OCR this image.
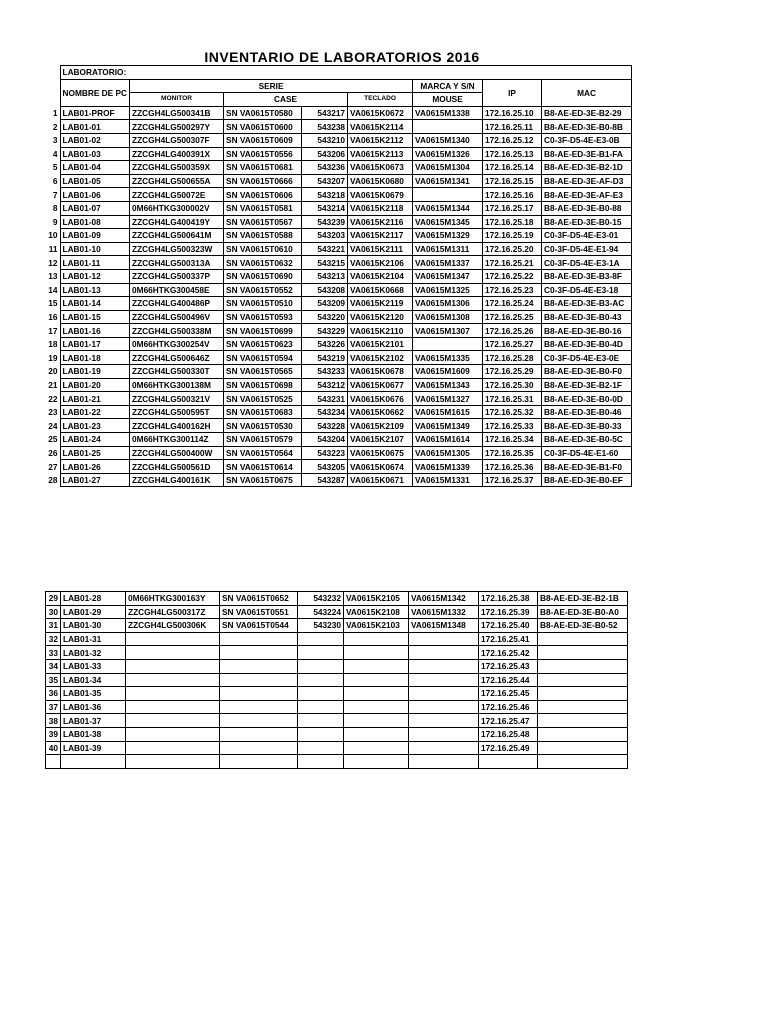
INVENTARIO DE LABORATORIOS 2016
	LABORATORIO:							
	NOMBRE DE PC	SERIE				MARCA Y S/N	IP	MAC
		MONITOR	CASE		TECLADO	MOUSE		
1	LAB01-PROF	ZZCGH4LG500341B	SN VA0615T0580	543217	VA0615K0672	VA0615M1338	172.16.25.10	B8-AE-ED-3E-B2-29
2	LAB01-01	ZZCGH4LG500297Y	SN VA0615T0600	543238	VA0615K2114		172.16.25.11	B8-AE-ED-3E-B0-8B
3	LAB01-02	ZZCGH4LG500307F	SN VA0615T0609	543210	VA0615K2112	VA0615M1340	172.16.25.12	C0-3F-D5-4E-E3-0B
4	LAB01-03	ZZCGH4LG400391X	SN VA0615T0556	543206	VA0615K2113	VA0615M1326	172.16.25.13	B8-AE-ED-3E-B1-FA
5	LAB01-04	ZZCGH4LG500359X	SN VA0615T0681	543236	VA0615K0673	VA0615M1304	172.16.25.14	B8-AE-ED-3E-B2-1D
6	LAB01-05	ZZCGH4LG500655A	SN VA0615T0666	543207	VA0615K0680	VA0615M1341	172.16.25.15	B8-AE-ED-3E-AF-D3
7	LAB01-06	ZZCGH4LG50072E	SN VA0615T0606	543218	VA0615K0679		172.16.25.16	B8-AE-ED-3E-AF-E3
8	LAB01-07	0M66HTKG300002V	SN VA0615T0581	543214	VA0615K2118	VA0615M1344	172.16.25.17	B8-AE-ED-3E-B0-88
9	LAB01-08	ZZCGH4LG400419Y	SN VA0615T0567	543239	VA0615K2116	VA0615M1345	172.16.25.18	B8-AE-ED-3E-B0-15
10	LAB01-09	ZZCGH4LG500641M	SN VA0615T0588	543203	VA0615K2117	VA0615M1329	172.16.25.19	C0-3F-D5-4E-E3-01
11	LAB01-10	ZZCGH4LG500323W	SN VA0615T0610	543221	VA0615K2111	VA0615M1311	172.16.25.20	C0-3F-D5-4E-E1-94
12	LAB01-11	ZZCGH4LG500313A	SN VA0615T0632	543215	VA0615K2106	VA0615M1337	172.16.25.21	C0-3F-D5-4E-E3-1A
13	LAB01-12	ZZCGH4LG500337P	SN VA0615T0690	543213	VA0615K2104	VA0615M1347	172.16.25.22	B8-AE-ED-3E-B3-8F
14	LAB01-13	0M66HTKG300458E	SN VA0615T0552	543208	VA0615K0668	VA0615M1325	172.16.25.23	C0-3F-D5-4E-E3-18
15	LAB01-14	ZZCGH4LG400486P	SN VA0615T0510	543209	VA0615K2119	VA0615M1306	172.16.25.24	B8-AE-ED-3E-B3-AC
16	LAB01-15	ZZCGH4LG500496V	SN VA0615T0593	543220	VA0615K2120	VA0615M1308	172.16.25.25	B8-AE-ED-3E-B0-43
17	LAB01-16	ZZCGH4LG500338M	SN VA0615T0699	543229	VA0615K2110	VA0615M1307	172.16.25.26	B8-AE-ED-3E-B0-16
18	LAB01-17	0M66HTKG300254V	SN VA0615T0623	543226	VA0615K2101		172.16.25.27	B8-AE-ED-3E-B0-4D
19	LAB01-18	ZZCGH4LG500646Z	SN VA0615T0594	543219	VA0615K2102	VA0615M1335	172.16.25.28	C0-3F-D5-4E-E3-0E
20	LAB01-19	ZZCGH4LG500330T	SN VA0615T0565	543233	VA0615K0678	VA0615M1609	172.16.25.29	B8-AE-ED-3E-B0-F0
21	LAB01-20	0M66HTKG300138M	SN VA0615T0698	543212	VA0615K0677	VA0615M1343	172.16.25.30	B8-AE-ED-3E-B2-1F
22	LAB01-21	ZZCGH4LG500321V	SN VA0615T0525	543231	VA0615K0676	VA0615M1327	172.16.25.31	B8-AE-ED-3E-B0-0D
23	LAB01-22	ZZCGH4LG500595T	SN VA0615T0683	543234	VA0615K0662	VA0615M1615	172.16.25.32	B8-AE-ED-3E-B0-46
24	LAB01-23	ZZCGH4LG400162H	SN VA0615T0530	543228	VA0615K2109	VA0615M1349	172.16.25.33	B8-AE-ED-3E-B0-33
25	LAB01-24	0M66HTKG300114Z	SN VA0615T0579	543204	VA0615K2107	VA0615M1614	172.16.25.34	B8-AE-ED-3E-B0-5C
26	LAB01-25	ZZCGH4LG500400W	SN VA0615T0564	543223	VA0615K0675	VA0615M1305	172.16.25.35	C0-3F-D5-4E-E1-60
27	LAB01-26	ZZCGH4LG500561D	SN VA0615T0614	543205	VA0615K0674	VA0615M1339	172.16.25.36	B8-AE-ED-3E-B1-F0
28	LAB01-27	ZZCGH4LG400161K	SN VA0615T0675	543287	VA0615K0671	VA0615M1331	172.16.25.37	B8-AE-ED-3E-B0-EF
29	LAB01-28	0M66HTKG300163Y	SN VA0615T0652	543232	VA0615K2105	VA0615M1342	172.16.25.38	B8-AE-ED-3E-B2-1B
30	LAB01-29	ZZCGH4LG500317Z	SN VA0615T0551	543224	VA0615K2108	VA0615M1332	172.16.25.39	B8-AE-ED-3E-B0-A0
31	LAB01-30	ZZCGH4LG500306K	SN VA0615T0544	543230	VA0615K2103	VA0615M1348	172.16.25.40	B8-AE-ED-3E-B0-52
32	LAB01-31						172.16.25.41	
33	LAB01-32						172.16.25.42	
34	LAB01-33						172.16.25.43	
35	LAB01-34						172.16.25.44	
36	LAB01-35						172.16.25.45	
37	LAB01-36						172.16.25.46	
38	LAB01-37						172.16.25.47	
39	LAB01-38						172.16.25.48	
40	LAB01-39						172.16.25.49	
